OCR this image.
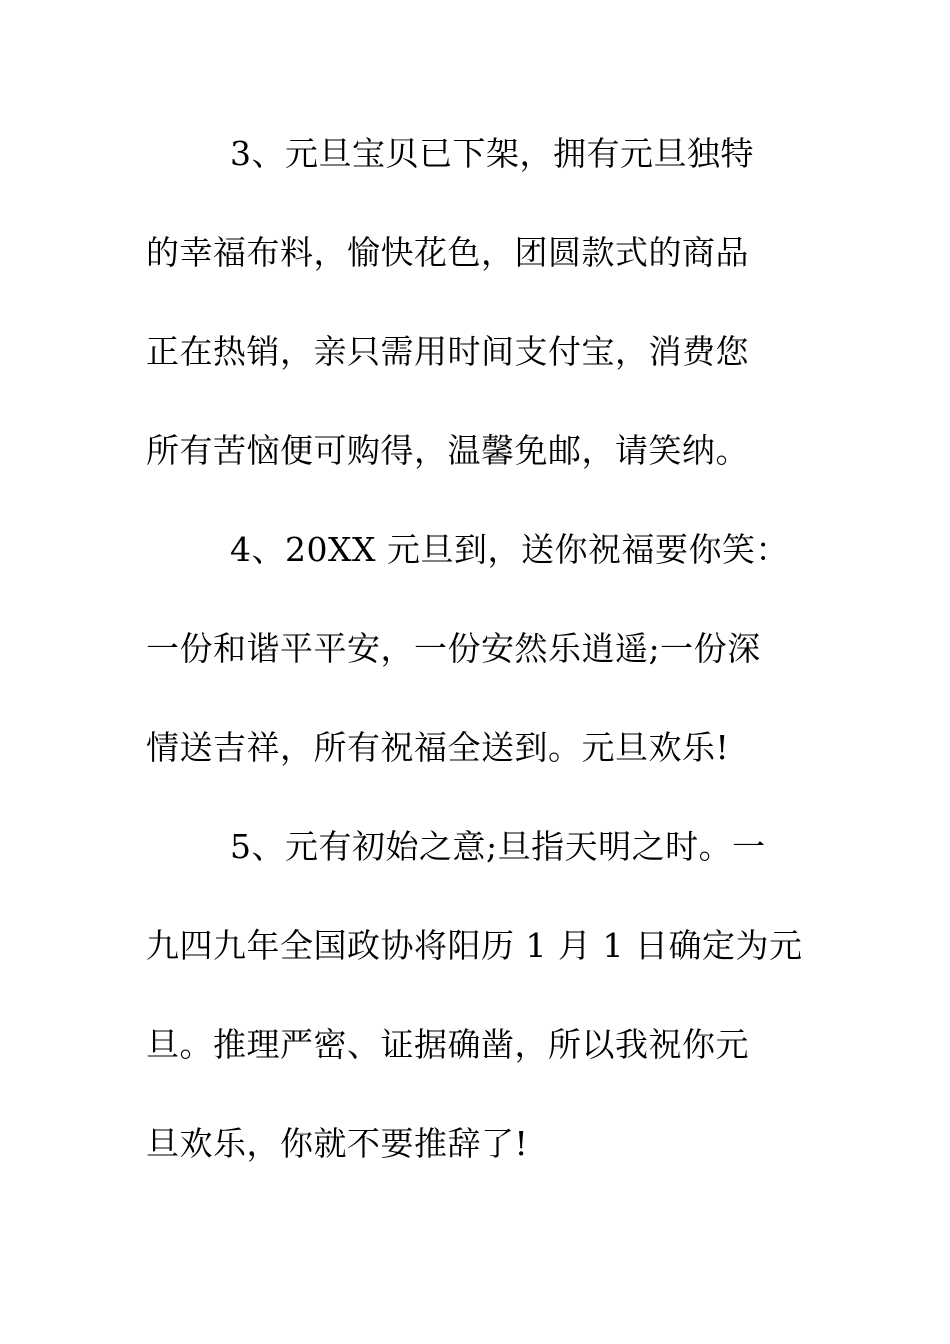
3、元旦宝贝已下架，拥有元旦独特
的幸福布料，愉快花色，团圆款式的商品
正在热销，亲只需用时间支付宝，消费您
所有苦恼便可购得，温馨免邮，请笑纳。
4、20XX 元旦到，送你祝福要你笑：
一份和谐平平安，一份安然乐逍遥;一份深
情送吉祥，所有祝福全送到。元旦欢乐!
5、元有初始之意;旦指天明之时。一
九四九年全国政协将阳历 1 月 1 日确定为元
旦。推理严密、证据确凿，所以我祝你元
旦欢乐，你就不要推辞了!
